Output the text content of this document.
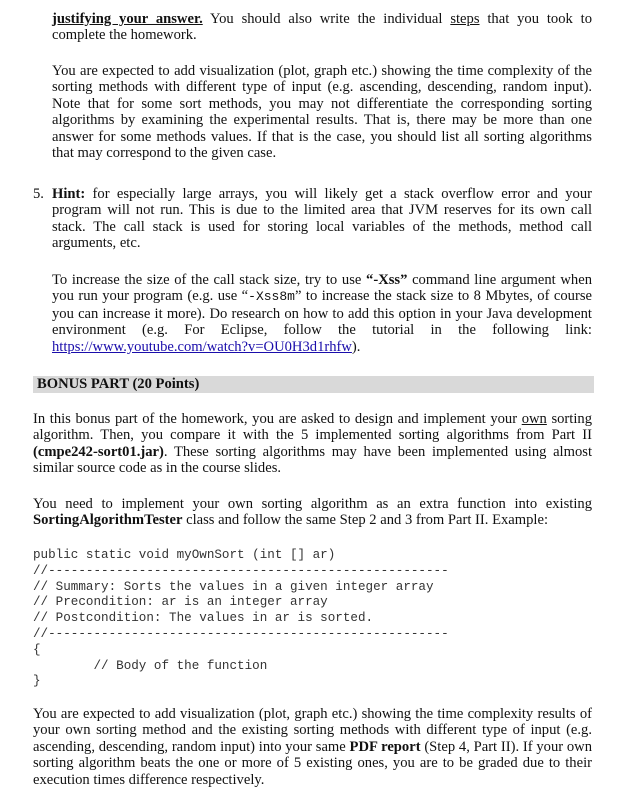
justifying your answer. You should also write the individual steps that you took to complete the homework.

You are expected to add visualization (plot, graph etc.) showing the time complexity of the sorting methods with different type of input (e.g. ascending, descending, random input). Note that for some sort methods, you may not differentiate the corresponding sorting algorithms by examining the experimental results. That is, there may be more than one answer for some methods values. If that is the case, you should list all sorting algorithms that may correspond to the given case.

5. Hint: for especially large arrays, you will likely get a stack overflow error and your program will not run. This is due to the limited area that JVM reserves for its own call stack. The call stack is used for storing local variables of the methods, method call arguments, etc.

To increase the size of the call stack size, try to use “-Xss” command line argument when you run your program (e.g. use “-Xss8m” to increase the stack size to 8 Mbytes, of course you can increase it more). Do research on how to add this option in your Java development environment (e.g. For Eclipse, follow the tutorial in the following link: https://www.youtube.com/watch?v=OU0H3d1rhfw).

BONUS PART (20 Points)

In this bonus part of the homework, you are asked to design and implement your own sorting algorithm. Then, you compare it with the 5 implemented sorting algorithms from Part II (cmpe242-sort01.jar). These sorting algorithms may have been implemented using almost similar source code as in the course slides.

You need to implement your own sorting algorithm as an extra function into existing SortingAlgorithmTester class and follow the same Step 2 and 3 from Part II. Example:

public static void myOwnSort (int [] ar)
//-----------------------------------------------------
// Summary: Sorts the values in a given integer array
// Precondition: ar is an integer array
// Postcondition: The values in ar is sorted.
//-----------------------------------------------------
{
// Body of the function
}

You are expected to add visualization (plot, graph etc.) showing the time complexity results of your own sorting method and the existing sorting methods with different type of input (e.g. ascending, descending, random input) into your same PDF report (Step 4, Part II). If your own sorting algorithm beats the one or more of 5 existing ones, you are to be graded due to their execution times difference respectively.
